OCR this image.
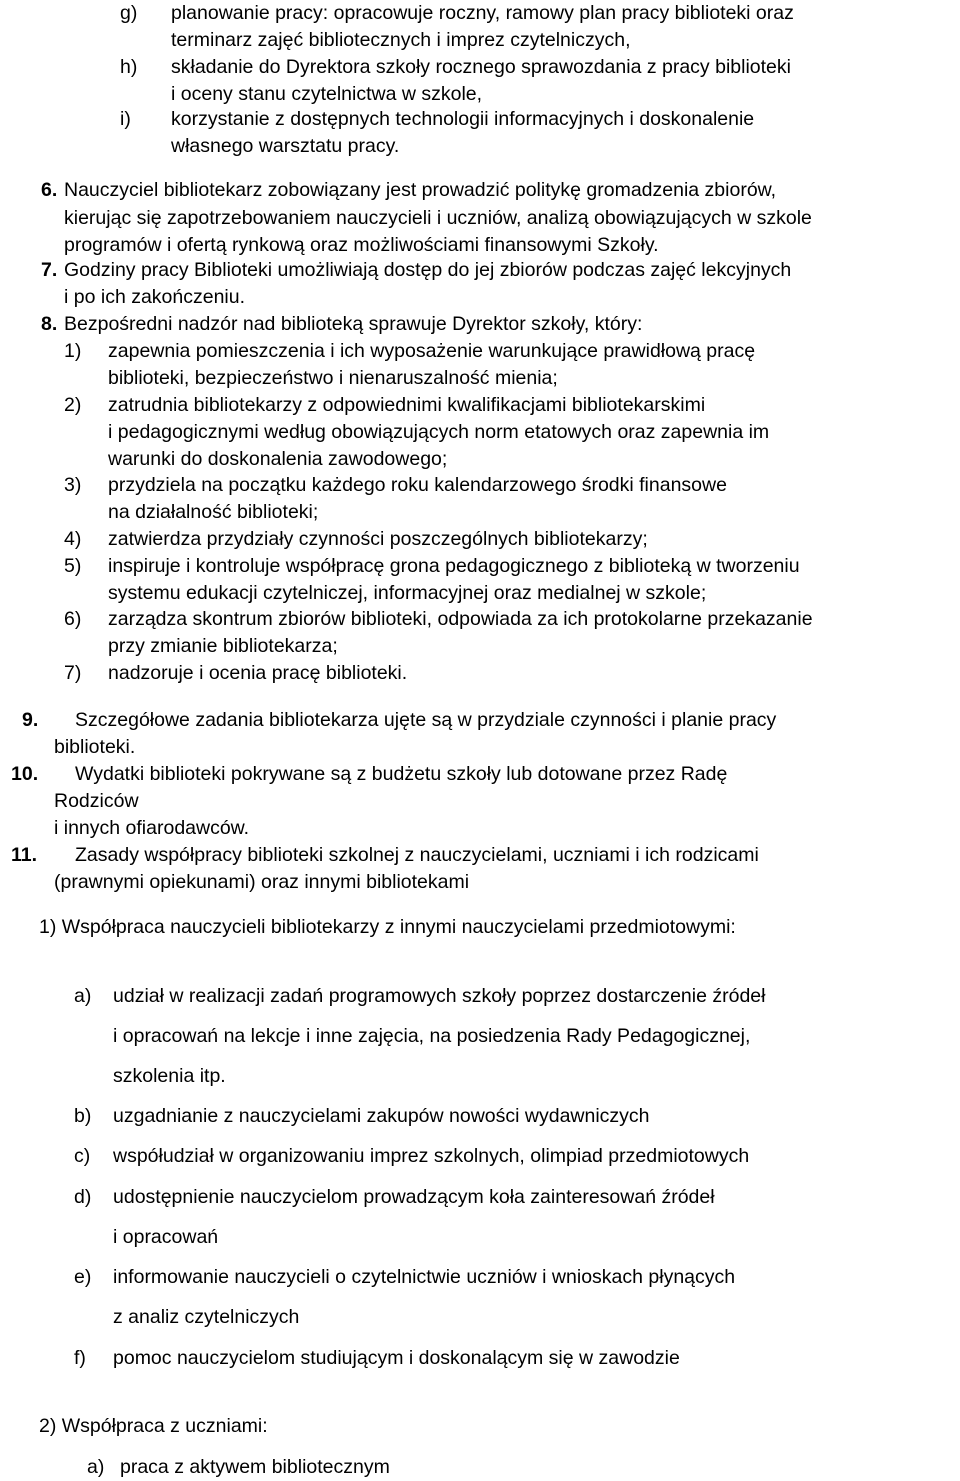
g) planowanie pracy: opracowuje roczny, ramowy plan pracy biblioteki oraz
terminarz zajęć bibliotecznych i imprez czytelniczych,
h) składanie do Dyrektora szkoły rocznego sprawozdania z pracy biblioteki
i oceny stanu czytelnictwa w szkole,
i) korzystanie z dostępnych technologii informacyjnych i doskonalenie
własnego warsztatu pracy.
6. Nauczyciel bibliotekarz zobowiązany jest prowadzić politykę gromadzenia zbiorów,
kierując się zapotrzebowaniem nauczycieli i uczniów, analizą obowiązujących w szkole
programów i ofertą rynkową oraz możliwościami finansowymi Szkoły.
7. Godziny pracy Biblioteki umożliwiają dostęp do jej zbiorów podczas zajęć lekcyjnych
i po ich zakończeniu.
8. Bezpośredni nadzór nad biblioteką sprawuje Dyrektor szkoły, który:
1) zapewnia pomieszczenia i ich wyposażenie warunkujące prawidłową pracę
biblioteki, bezpieczeństwo i nienaruszalność mienia;
2) zatrudnia bibliotekarzy z odpowiednimi kwalifikacjami bibliotekarskimi
i pedagogicznymi według obowiązujących norm etatowych oraz zapewnia im
warunki do doskonalenia zawodowego;
3) przydziela na początku każdego roku kalendarzowego środki finansowe
na działalność biblioteki;
4) zatwierdza przydziały czynności poszczególnych bibliotekarzy;
5) inspiruje i kontroluje współpracę grona pedagogicznego z biblioteką w tworzeniu
systemu edukacji czytelniczej, informacyjnej oraz medialnej w szkole;
6) zarządza skontrum zbiorów biblioteki, odpowiada za ich protokolarne przekazanie
przy zmianie bibliotekarza;
7) nadzoruje i ocenia pracę biblioteki.
9. Szczegółowe zadania bibliotekarza ujęte są w przydziale czynności i planie pracy
biblioteki.
10. Wydatki biblioteki pokrywane są z budżetu szkoły lub dotowane przez Radę
Rodziców
i innych ofiarodawców.
11. Zasady współpracy biblioteki szkolnej z nauczycielami, uczniami i ich rodzicami
(prawnymi opiekunami) oraz innymi bibliotekami
1) Współpraca nauczycieli bibliotekarzy z innymi nauczycielami przedmiotowymi:
a) udział w realizacji zadań programowych szkoły poprzez dostarczenie źródeł
i opracowań na lekcje i inne zajęcia, na posiedzenia Rady Pedagogicznej,
szkolenia itp.
b) uzgadnianie z nauczycielami zakupów nowości wydawniczych
c) współudział w organizowaniu imprez szkolnych, olimpiad przedmiotowych
d) udostępnienie nauczycielom prowadzącym koła zainteresowań źródeł
i opracowań
e) informowanie nauczycieli o czytelnictwie uczniów i wnioskach płynących
z analiz czytelniczych
f) pomoc nauczycielom studiującym i doskonalącym się w zawodzie
2) Współpraca z uczniami:
a) praca z aktywem bibliotecznym
